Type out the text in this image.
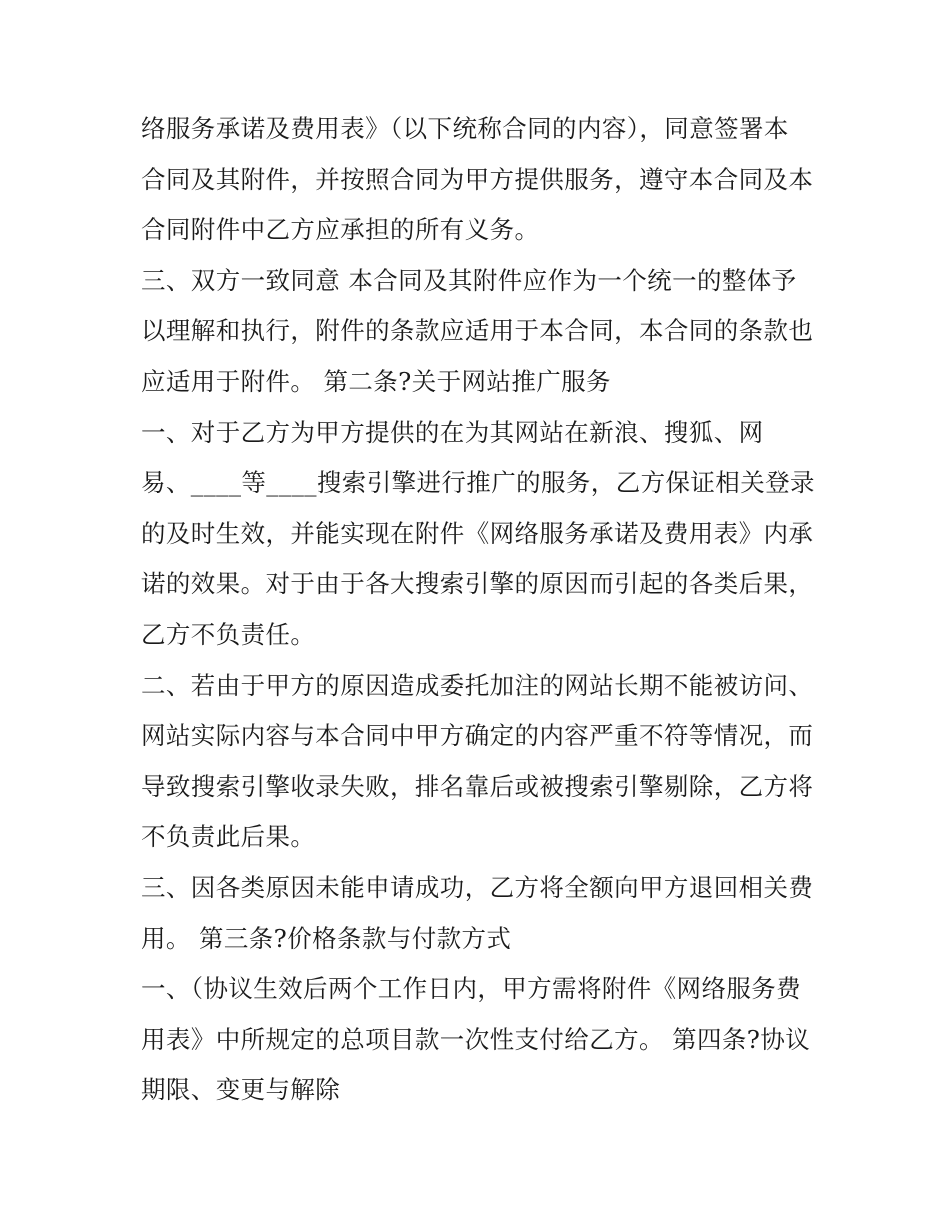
络服务承诺及费用表》（以下统称合同的内容），同意签署本
合同及其附件，并按照合同为甲方提供服务，遵守本合同及本
合同附件中乙方应承担的所有义务。
三、双方一致同意 本合同及其附件应作为一个统一的整体予
以理解和执行，附件的条款应适用于本合同，本合同的条款也
应适用于附件。 第二条?关于网站推广服务
一、对于乙方为甲方提供的在为其网站在新浪、搜狐、网
易、____等____搜索引擎进行推广的服务，乙方保证相关登录
的及时生效，并能实现在附件《网络服务承诺及费用表》内承
诺的效果。对于由于各大搜索引擎的原因而引起的各类后果，
乙方不负责任。
二、若由于甲方的原因造成委托加注的网站长期不能被访问、
网站实际内容与本合同中甲方确定的内容严重不符等情况，而
导致搜索引擎收录失败，排名靠后或被搜索引擎剔除，乙方将
不负责此后果。
三、因各类原因未能申请成功，乙方将全额向甲方退回相关费
用。 第三条?价格条款与付款方式
一、（协议生效后两个工作日内，甲方需将附件《网络服务费
用表》中所规定的总项目款一次性支付给乙方。 第四条?协议
期限、变更与解除
